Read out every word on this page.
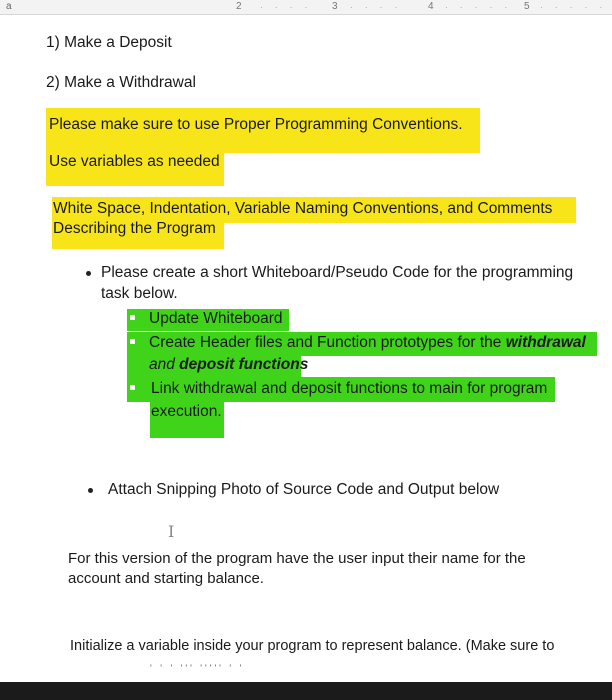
a	· · · ·
2	3 · · · ·	4 · · · · · 5 · · · · ·
1) Make a Deposit
2) Make a Withdrawal
Please make sure to use Proper Programming Conventions.
Use variables as needed
White Space, Indentation, Variable Naming Conventions, and Comments
Describing the Program
Please create a short Whiteboard/Pseudo Code for the programming
task below.
Update Whiteboard
Create Header files and Function prototypes for the withdrawal
and deposit functions
Link withdrawal and deposit functions to main for program
execution.
Attach Snipping Photo of Source Code and Output below
I
For this version of the program have the user input their name for the
account and starting balance.
Initialize a variable inside your program to represent balance. (Make sure to
' ' ' ''' ''''' ' '
